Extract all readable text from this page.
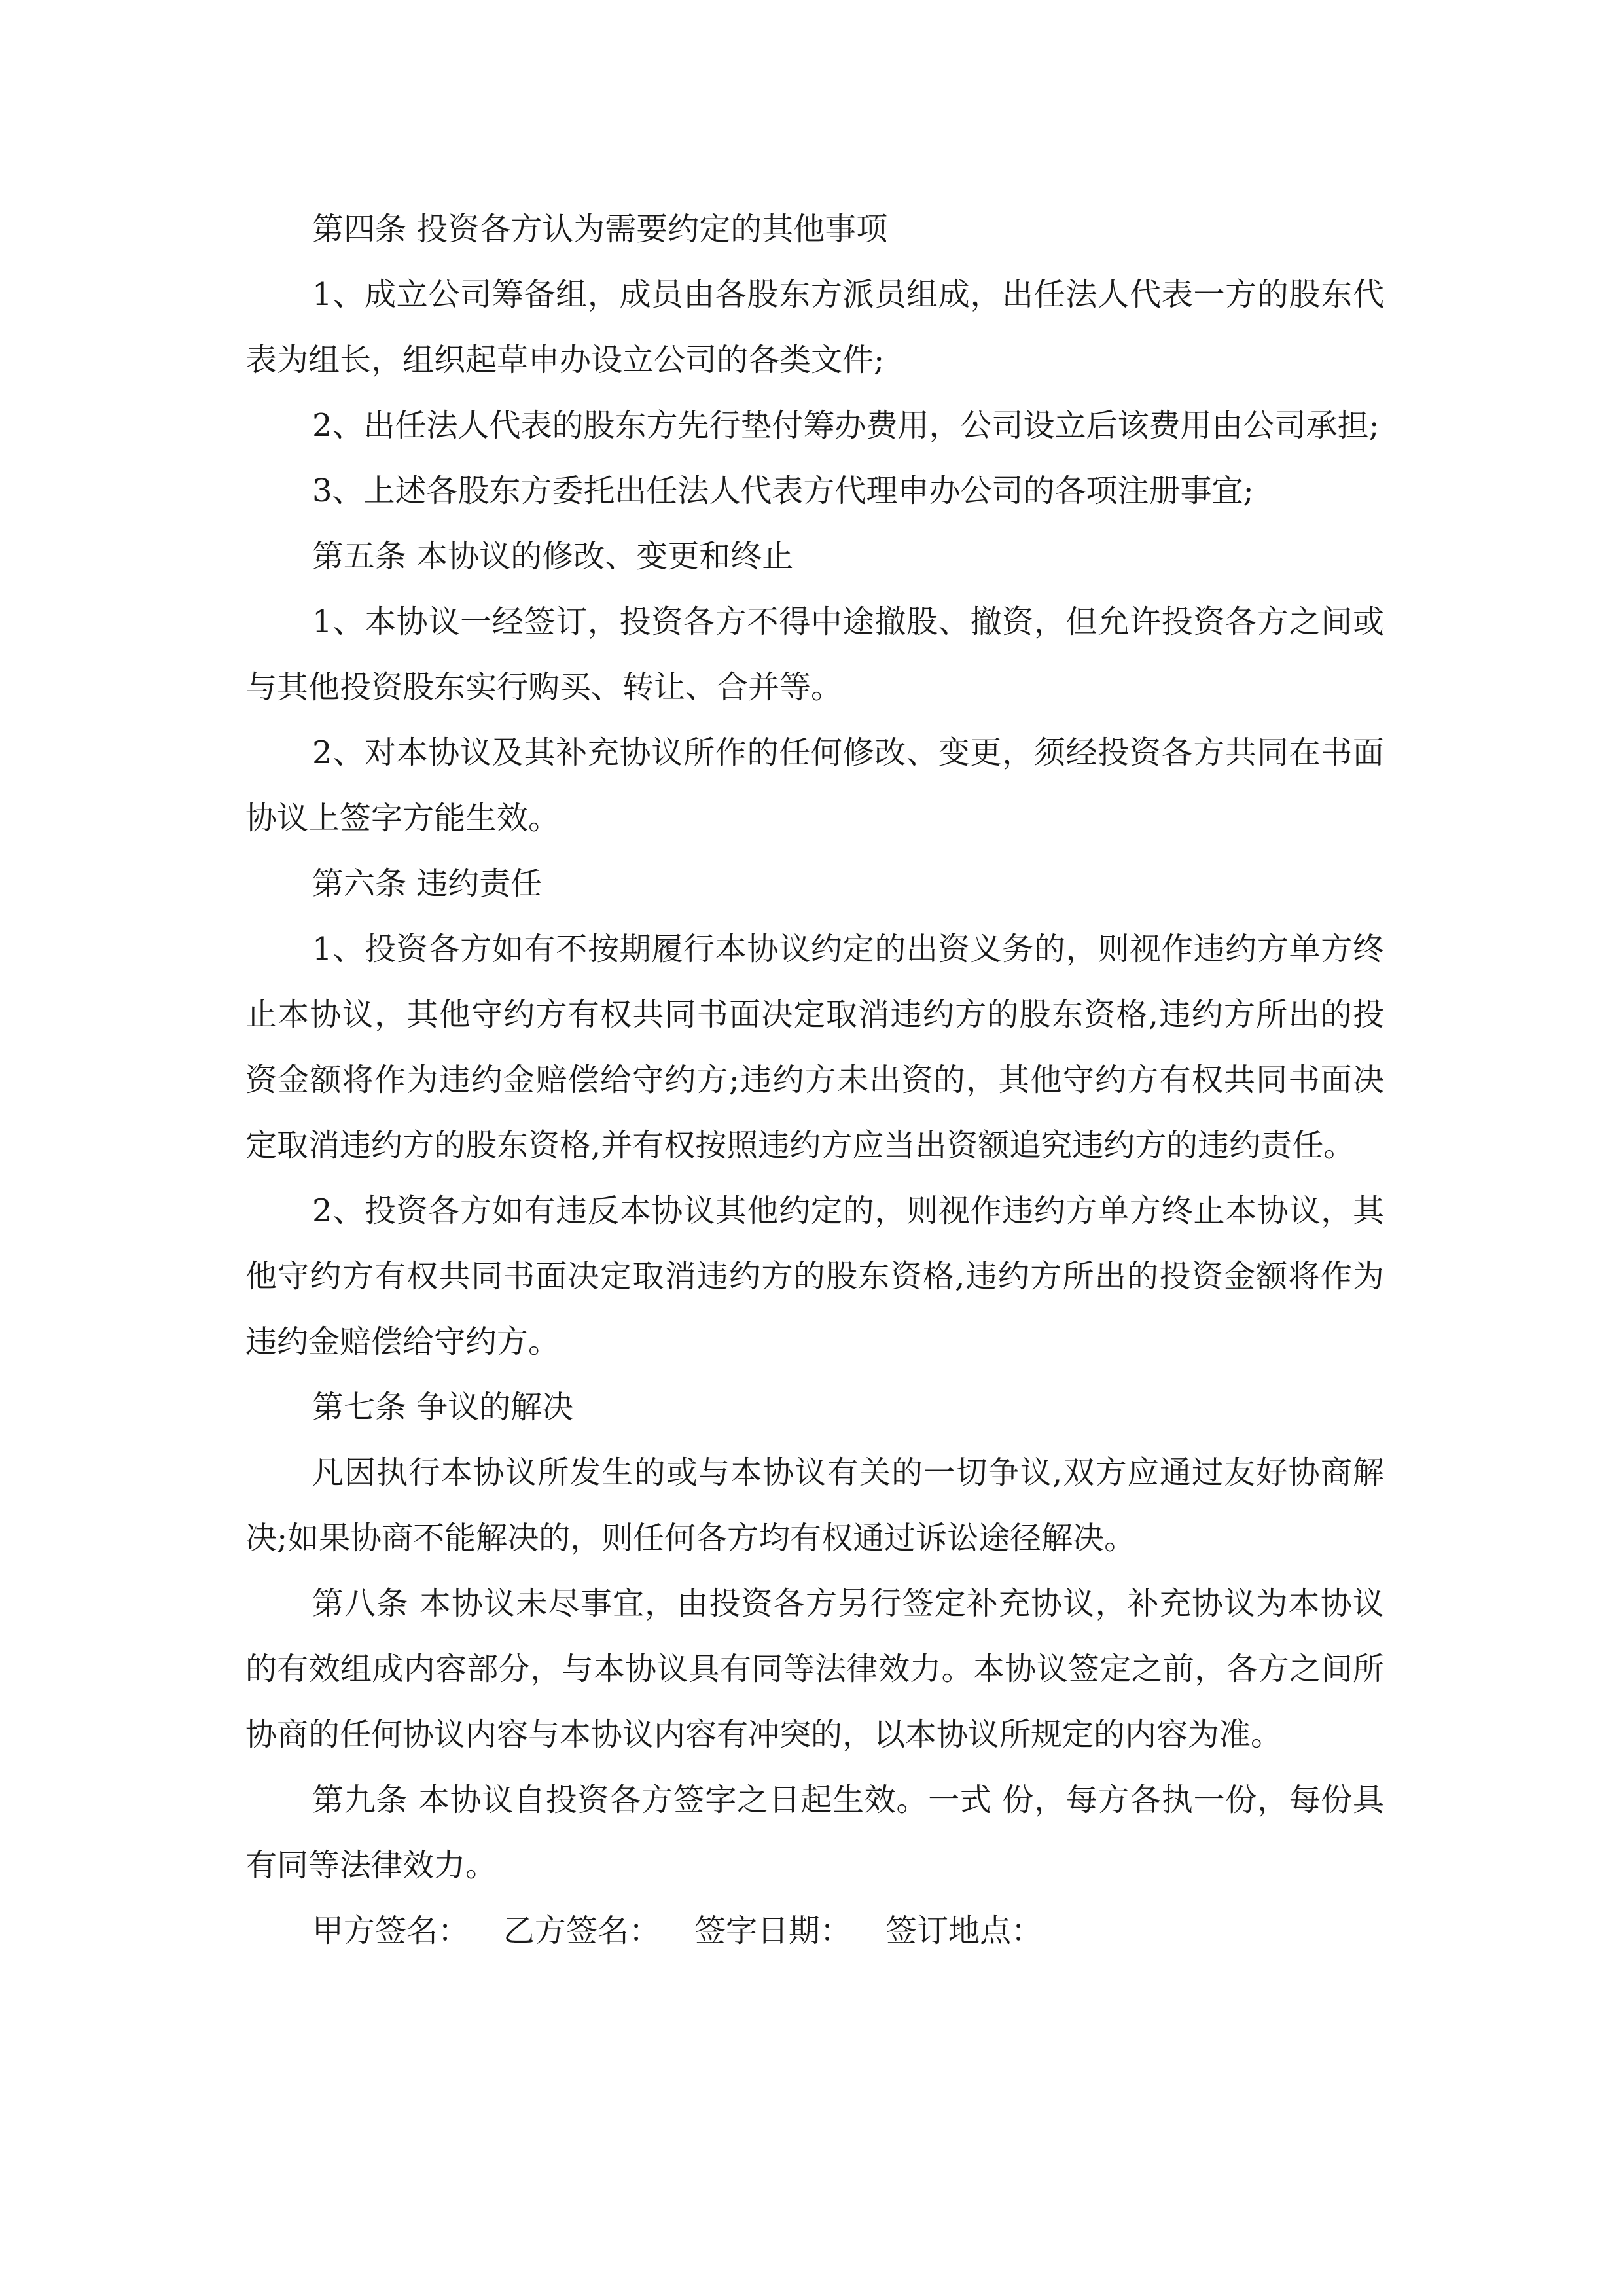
第四条 投资各方认为需要约定的其他事项

1、成立公司筹备组，成员由各股东方派员组成，出任法人代表一方的股东代表为组长，组织起草申办设立公司的各类文件;

2、出任法人代表的股东方先行垫付筹办费用，公司设立后该费用由公司承担;

3、上述各股东方委托出任法人代表方代理申办公司的各项注册事宜;

第五条 本协议的修改、变更和终止

1、本协议一经签订，投资各方不得中途撤股、撤资，但允许投资各方之间或与其他投资股东实行购买、转让、合并等。

2、对本协议及其补充协议所作的任何修改、变更，须经投资各方共同在书面协议上签字方能生效。

第六条 违约责任

1、投资各方如有不按期履行本协议约定的出资义务的，则视作违约方单方终止本协议，其他守约方有权共同书面决定取消违约方的股东资格,违约方所出的投资金额将作为违约金赔偿给守约方;违约方未出资的，其他守约方有权共同书面决定取消违约方的股东资格,并有权按照违约方应当出资额追究违约方的违约责任。

2、投资各方如有违反本协议其他约定的，则视作违约方单方终止本协议，其他守约方有权共同书面决定取消违约方的股东资格,违约方所出的投资金额将作为违约金赔偿给守约方。

第七条 争议的解决

凡因执行本协议所发生的或与本协议有关的一切争议,双方应通过友好协商解决;如果协商不能解决的，则任何各方均有权通过诉讼途径解决。

第八条 本协议未尽事宜，由投资各方另行签定补充协议，补充协议为本协议的有效组成内容部分，与本协议具有同等法律效力。本协议签定之前，各方之间所协商的任何协议内容与本协议内容有冲突的，以本协议所规定的内容为准。

第九条 本协议自投资各方签字之日起生效。一式 份，每方各执一份，每份具有同等法律效力。

甲方签名： 乙方签名： 签字日期： 签订地点：
